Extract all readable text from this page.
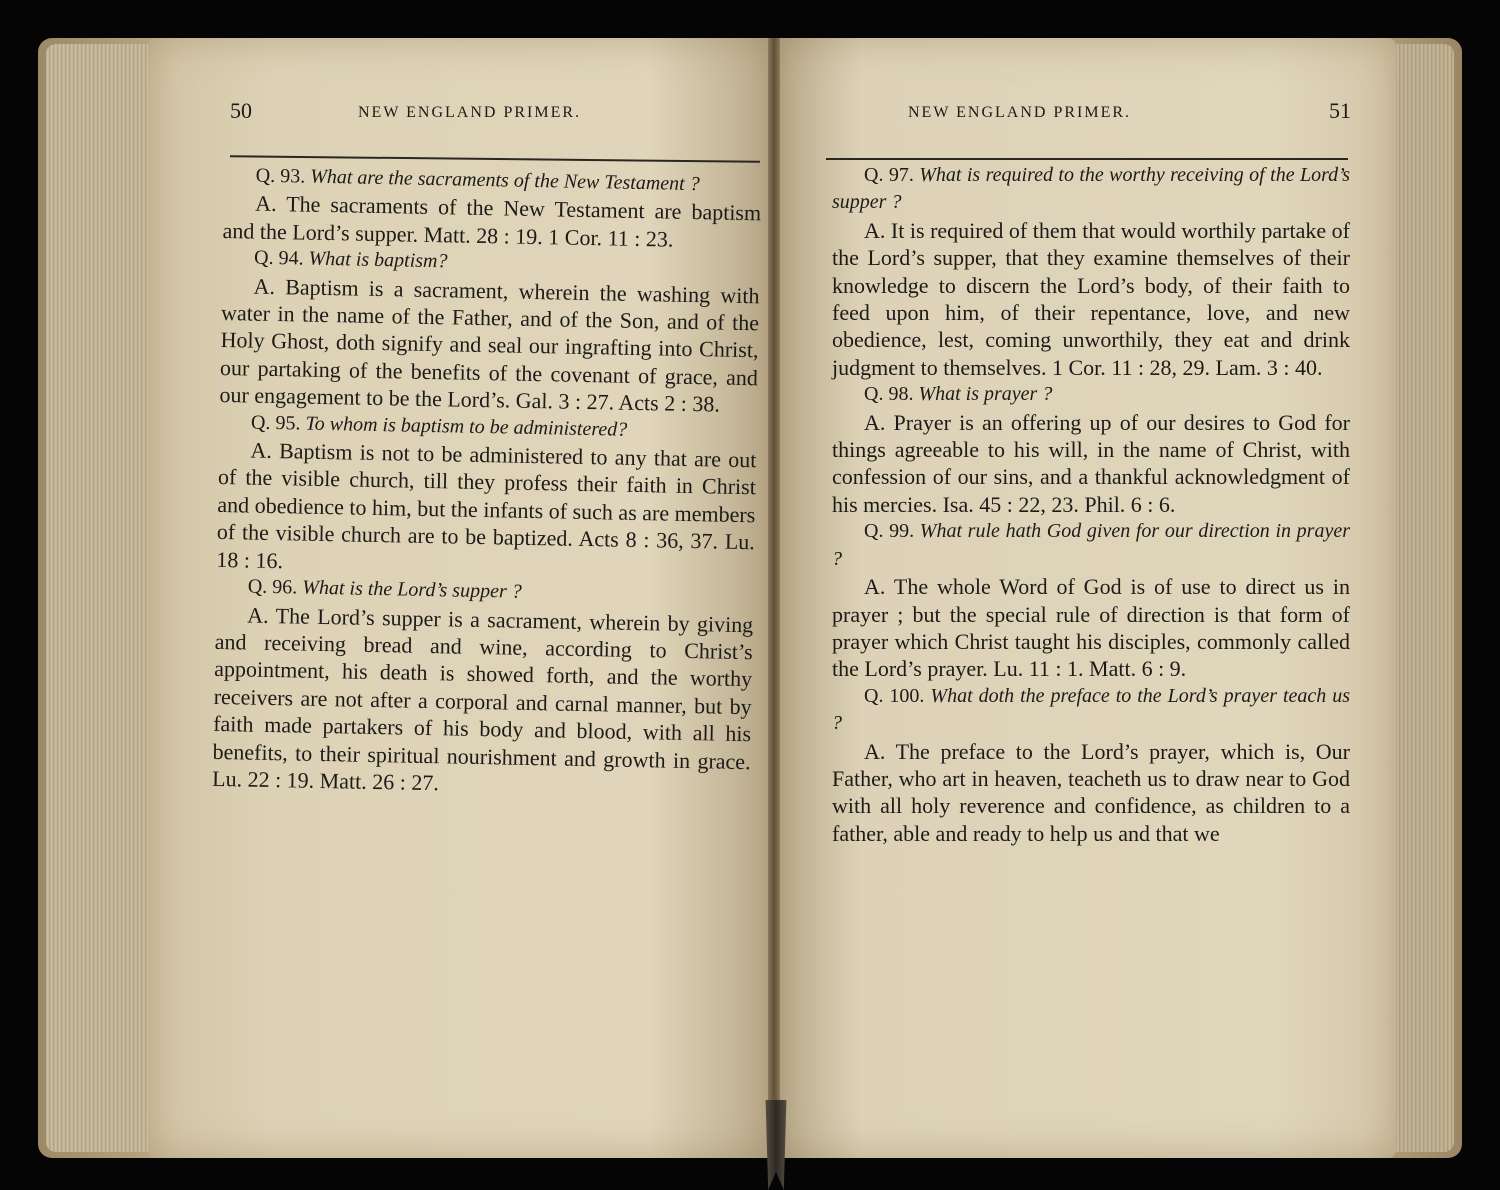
50	NEW ENGLAND PRIMER.

Q. 93. What are the sacraments of the New Testament ?

A. The sacraments of the New Testament are baptism and the Lord’s supper. Matt. 28 : 19. 1 Cor. 11 : 23.

Q. 94. What is baptism?

A. Baptism is a sacrament, wherein the washing with water in the name of the Father, and of the Son, and of the Holy Ghost, doth signify and seal our ingrafting into Christ, our partaking of the benefits of the covenant of grace, and our engagement to be the Lord’s. Gal. 3 : 27. Acts 2 : 38.

Q. 95. To whom is baptism to be administered?

A. Baptism is not to be administered to any that are out of the visible church, till they profess their faith in Christ and obedience to him, but the infants of such as are members of the visible church are to be baptized. Acts 8 : 36, 37. Lu. 18 : 16.

Q. 96. What is the Lord’s supper ?

A. The Lord’s supper is a sacrament, wherein by giving and receiving bread and wine, according to Christ’s appointment, his death is showed forth, and the worthy receivers are not after a corporal and carnal manner, but by faith made partakers of his body and blood, with all his benefits, to their spiritual nourishment and growth in grace. Lu. 22 : 19. Matt. 26 : 27.

NEW ENGLAND PRIMER.	51

Q. 97. What is required to the worthy receiving of the Lord’s supper ?

A. It is required of them that would worthily partake of the Lord’s supper, that they examine themselves of their knowledge to discern the Lord’s body, of their faith to feed upon him, of their repentance, love, and new obedience, lest, coming unworthily, they eat and drink judgment to themselves. 1 Cor. 11 : 28, 29. Lam. 3 : 40.

Q. 98. What is prayer ?

A. Prayer is an offering up of our desires to God for things agreeable to his will, in the name of Christ, with confession of our sins, and a thankful acknowledgment of his mercies. Isa. 45 : 22, 23. Phil. 6 : 6.

Q. 99. What rule hath God given for our direction in prayer ?

A. The whole Word of God is of use to direct us in prayer ; but the special rule of direction is that form of prayer which Christ taught his disciples, commonly called the Lord’s prayer. Lu. 11 : 1. Matt. 6 : 9.

Q. 100. What doth the preface to the Lord’s prayer teach us ?

A. The preface to the Lord’s prayer, which is, Our Father, who art in heaven, teacheth us to draw near to God with all holy reverence and confidence, as children to a father, able and ready to help us and that we
